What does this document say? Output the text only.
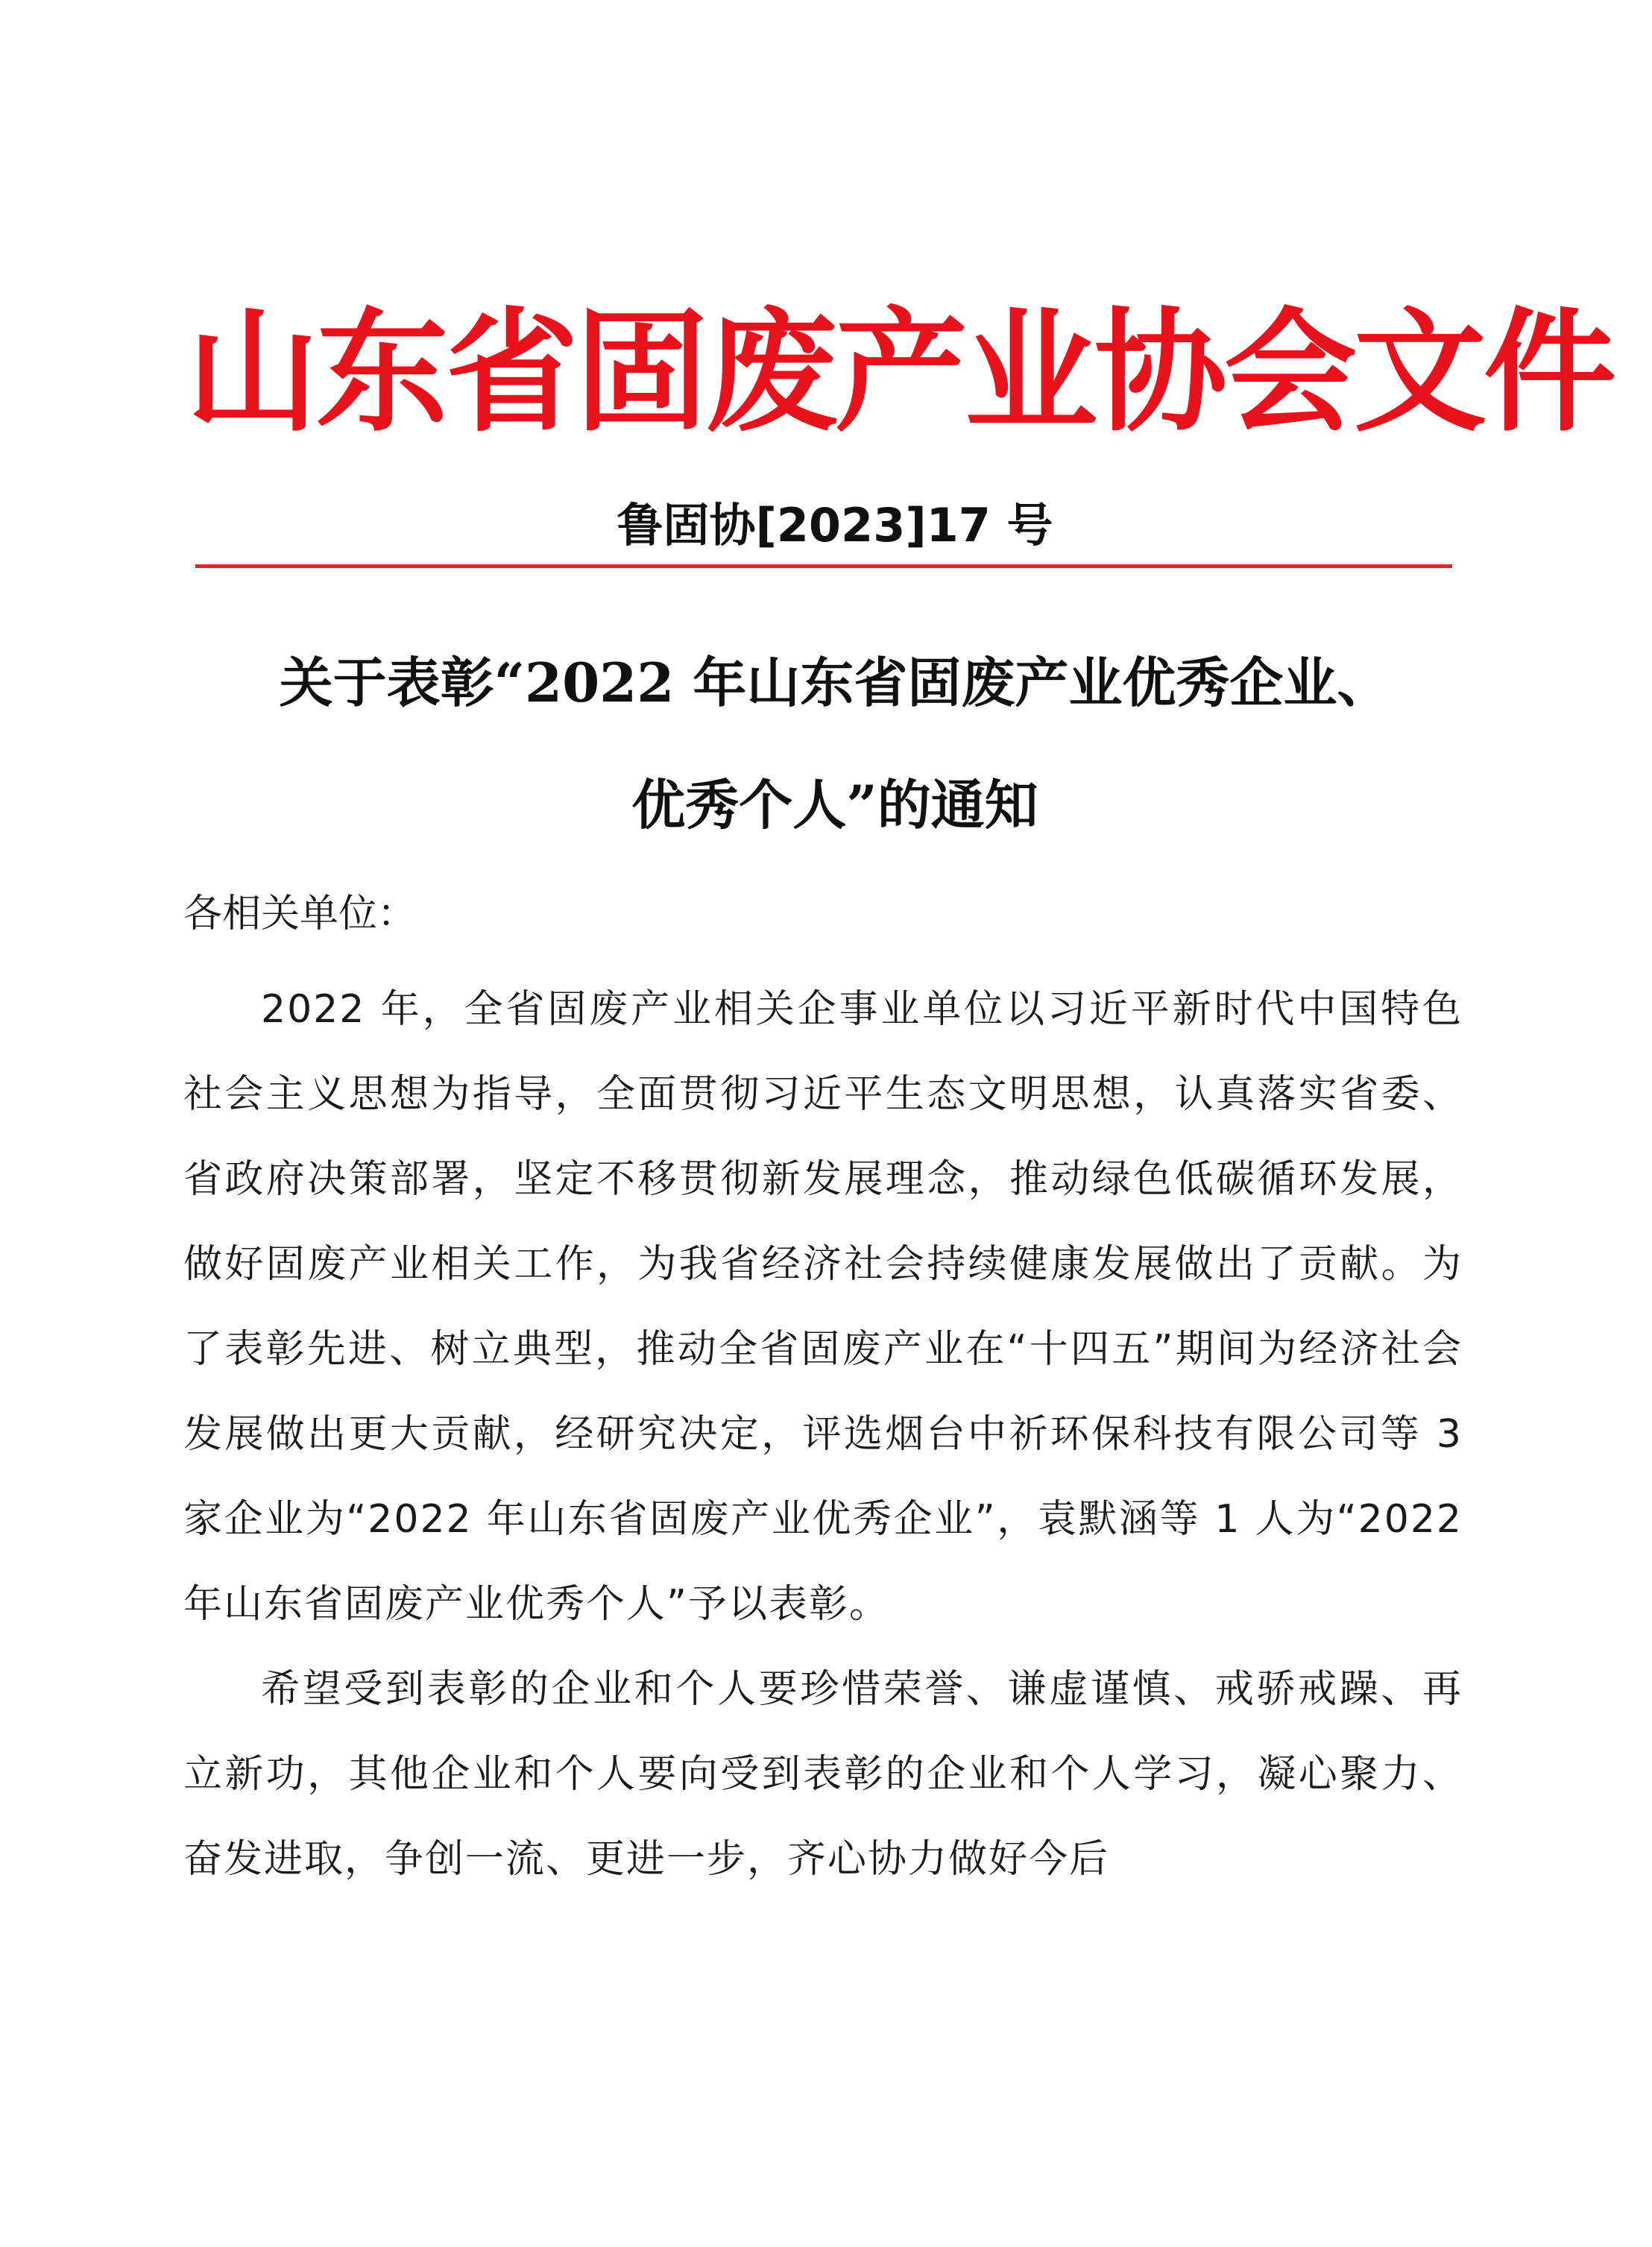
山东省固废产业协会文件
鲁固协[2023]17 号
关于表彰“2022 年山东省固废产业优秀企业、
优秀个人”的通知
各相关单位：

2022 年，全省固废产业相关企事业单位以习近平新时代中国特色社会主义思想为指导，全面贯彻习近平生态文明思想，认真落实省委、省政府决策部署，坚定不移贯彻新发展理念，推动绿色低碳循环发展，做好固废产业相关工作，为我省经济社会持续健康发展做出了贡献。为了表彰先进、树立典型，推动全省固废产业在“十四五”期间为经济社会发展做出更大贡献，经研究决定，评选烟台中祈环保科技有限公司等 3 家企业为“2022 年山东省固废产业优秀企业”，袁默涵等 1 人为“2022 年山东省固废产业优秀个人”予以表彰。

希望受到表彰的企业和个人要珍惜荣誉、谦虚谨慎、戒骄戒躁、再立新功，其他企业和个人要向受到表彰的企业和个人学习，凝心聚力、奋发进取，争创一流、更进一步，齐心协力做好今后
